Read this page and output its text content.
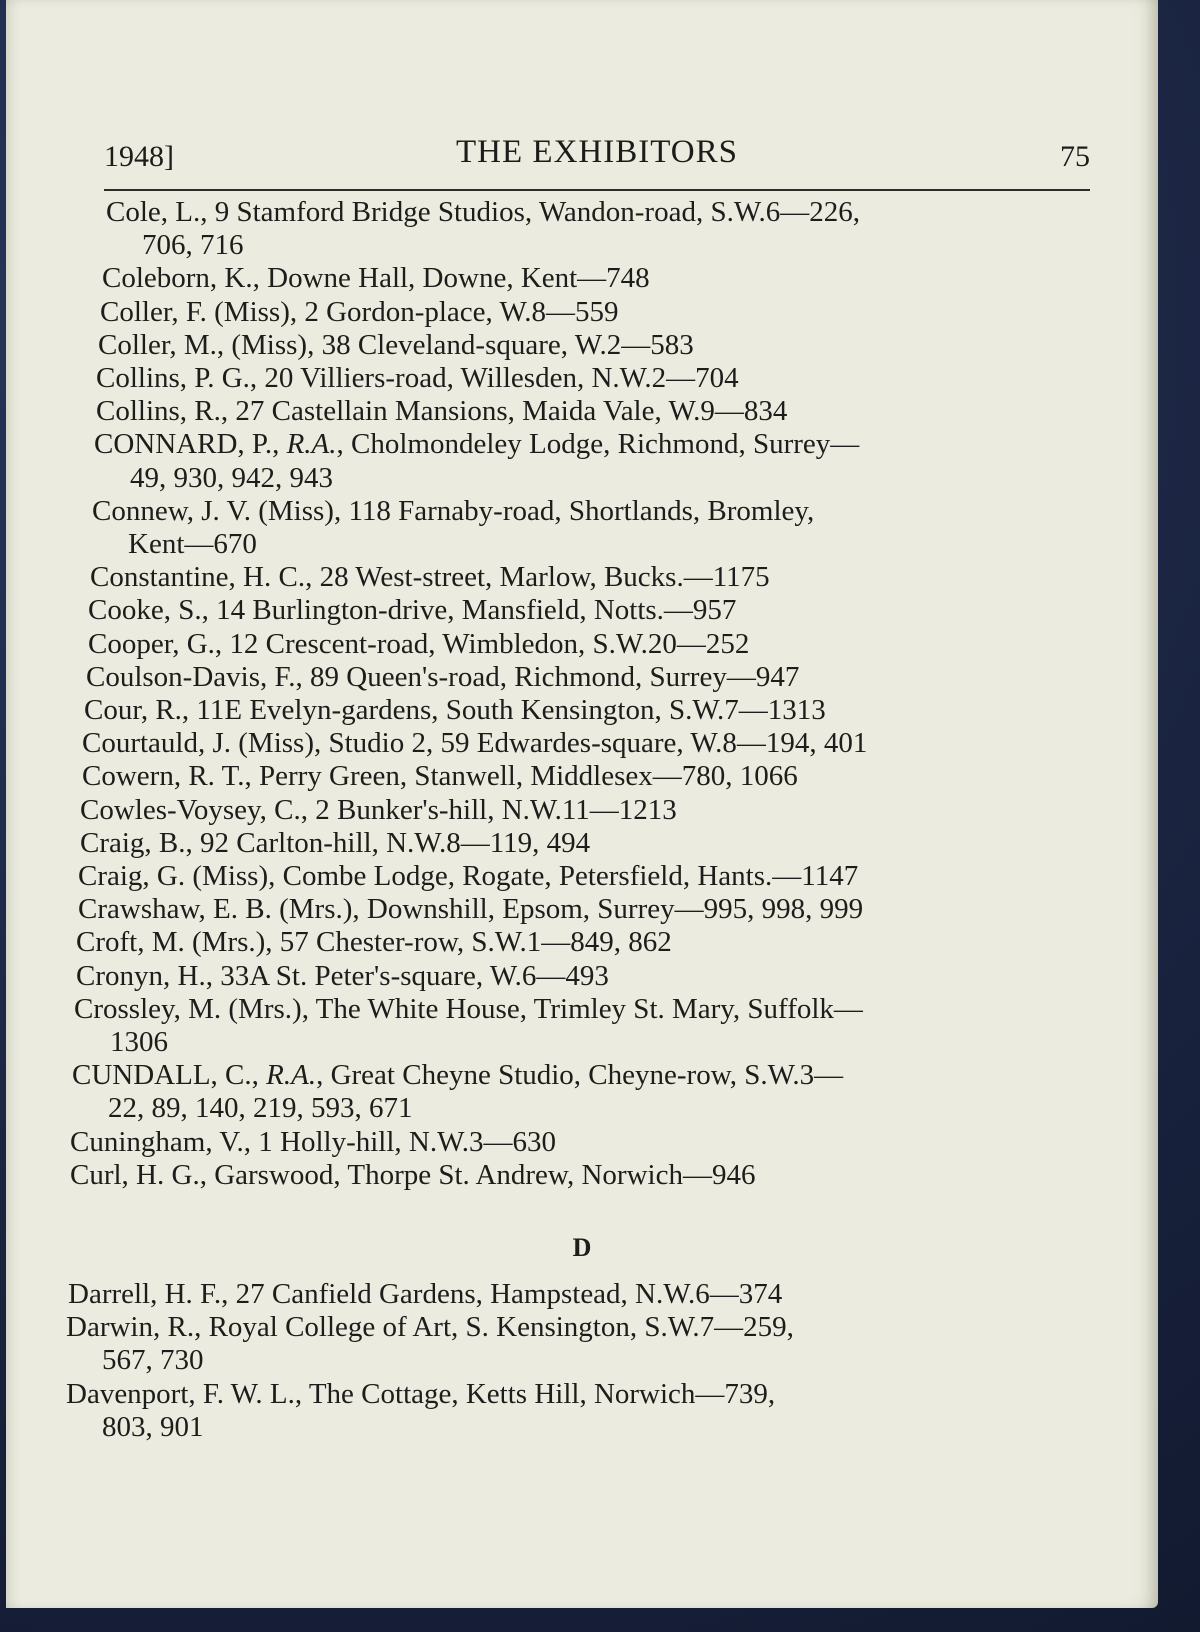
1948]	THE EXHIBITORS	75
Cole, L., 9 Stamford Bridge Studios, Wandon-road, S.W.6—226,
706, 716
Coleborn, K., Downe Hall, Downe, Kent—748
Coller, F. (Miss), 2 Gordon-place, W.8—559
Coller, M., (Miss), 38 Cleveland-square, W.2—583
Collins, P. G., 20 Villiers-road, Willesden, N.W.2—704
Collins, R., 27 Castellain Mansions, Maida Vale, W.9—834
CONNARD, P., R.A., Cholmondeley Lodge, Richmond, Surrey—
49, 930, 942, 943
Connew, J. V. (Miss), 118 Farnaby-road, Shortlands, Bromley,
Kent—670
Constantine, H. C., 28 West-street, Marlow, Bucks.—1175
Cooke, S., 14 Burlington-drive, Mansfield, Notts.—957
Cooper, G., 12 Crescent-road, Wimbledon, S.W.20—252
Coulson-Davis, F., 89 Queen's-road, Richmond, Surrey—947
Cour, R., 11E Evelyn-gardens, South Kensington, S.W.7—1313
Courtauld, J. (Miss), Studio 2, 59 Edwardes-square, W.8—194, 401
Cowern, R. T., Perry Green, Stanwell, Middlesex—780, 1066
Cowles-Voysey, C., 2 Bunker's-hill, N.W.11—1213
Craig, B., 92 Carlton-hill, N.W.8—119, 494
Craig, G. (Miss), Combe Lodge, Rogate, Petersfield, Hants.—1147
Crawshaw, E. B. (Mrs.), Downshill, Epsom, Surrey—995, 998, 999
Croft, M. (Mrs.), 57 Chester-row, S.W.1—849, 862
Cronyn, H., 33A St. Peter's-square, W.6—493
Crossley, M. (Mrs.), The White House, Trimley St. Mary, Suffolk—
1306
CUNDALL, C., R.A., Great Cheyne Studio, Cheyne-row, S.W.3—
22, 89, 140, 219, 593, 671
Cuningham, V., 1 Holly-hill, N.W.3—630
Curl, H. G., Garswood, Thorpe St. Andrew, Norwich—946
D
Darrell, H. F., 27 Canfield Gardens, Hampstead, N.W.6—374
Darwin, R., Royal College of Art, S. Kensington, S.W.7—259,
567, 730
Davenport, F. W. L., The Cottage, Ketts Hill, Norwich—739,
803, 901
